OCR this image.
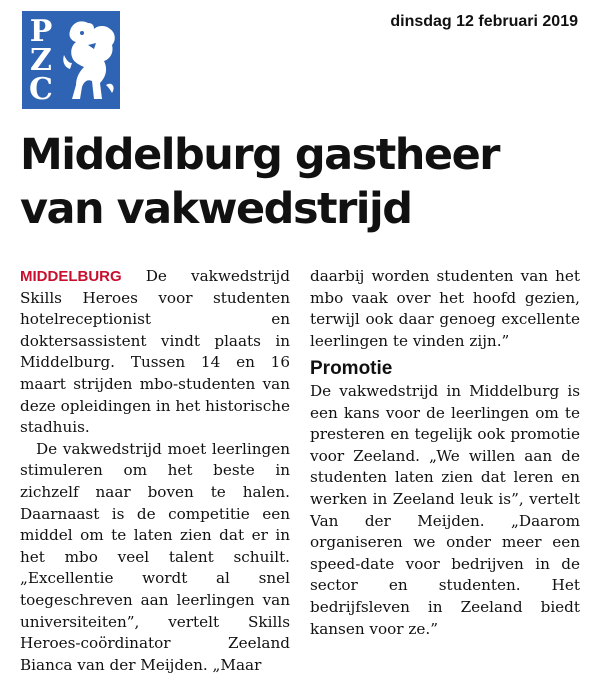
P
Z
C
dinsdag 12 februari 2019
Middelburg gastheer van vakwedstrijd

MIDDELBURG De vakwedstrijd Skills Heroes voor studenten hotelreceptionist en doktersassistent vindt plaats in Middelburg. Tussen 14 en 16 maart strijden mbo-studenten van deze opleidingen in het historische stadhuis.

De vakwedstrijd moet leerlingen stimuleren om het beste in zichzelf naar boven te halen. Daarnaast is de competitie een middel om te laten zien dat er in het mbo veel talent schuilt. „Excellentie wordt al snel toegeschreven aan leerlingen van universiteiten”, vertelt Skills Heroes-coördinator Zeeland Bianca van der Meijden. „Maar

Promotie

De vakwedstrijd in Middelburg is een kans voor de leerlingen om te presteren en tegelijk ook promotie voor Zeeland. „We willen aan de studenten laten zien dat leren en werken in Zeeland leuk is”, vertelt Van der Meijden. „Daarom organiseren we onder meer een speed-date voor bedrijven in de sector en studenten. Het bedrijfsleven in Zeeland biedt kansen voor ze.”

daarbij worden studenten van het mbo vaak over het hoofd gezien, terwijl ook daar genoeg excellente leerlingen te vinden zijn.”
